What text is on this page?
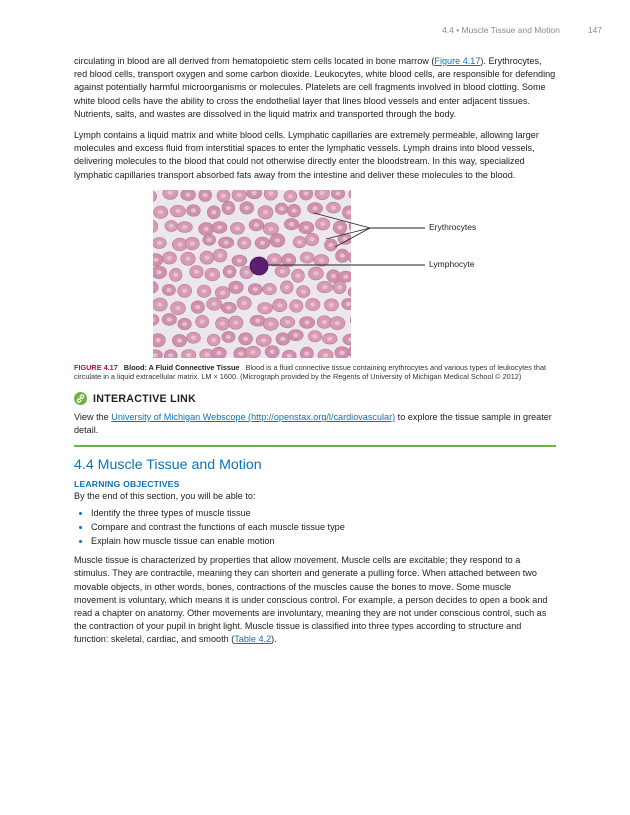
4.4 • Muscle Tissue and Motion	147

circulating in blood are all derived from hematopoietic stem cells located in bone marrow (Figure 4.17). Erythrocytes, red blood cells, transport oxygen and some carbon dioxide. Leukocytes, white blood cells, are responsible for defending against potentially harmful microorganisms or molecules. Platelets are cell fragments involved in blood clotting. Some white blood cells have the ability to cross the endothelial layer that lines blood vessels and enter adjacent tissues. Nutrients, salts, and wastes are dissolved in the liquid matrix and transported through the body.

Lymph contains a liquid matrix and white blood cells. Lymphatic capillaries are extremely permeable, allowing larger molecules and excess fluid from interstitial spaces to enter the lymphatic vessels. Lymph drains into blood vessels, delivering molecules to the blood that could not otherwise directly enter the bloodstream. In this way, specialized lymphatic capillaries transport absorbed fats away from the intestine and deliver these molecules to the blood.

Erythrocytes
Lymphocyte
FIGURE 4.17 Blood: A Fluid Connective Tissue Blood is a fluid connective tissue containing erythrocytes and various types of leukocytes that circulate in a liquid extracellular matrix. LM × 1600. (Micrograph provided by the Regents of University of Michigan Medical School © 2012)
INTERACTIVE LINK

View the University of Michigan Webscope (http://openstax.org/l/cardiovascular) to explore the tissue sample in greater detail.

4.4 Muscle Tissue and Motion
LEARNING OBJECTIVES

By the end of this section, you will be able to:

Identify the three types of muscle tissue
Compare and contrast the functions of each muscle tissue type
Explain how muscle tissue can enable motion

Muscle tissue is characterized by properties that allow movement. Muscle cells are excitable; they respond to a stimulus. They are contractile, meaning they can shorten and generate a pulling force. When attached between two movable objects, in other words, bones, contractions of the muscles cause the bones to move. Some muscle movement is voluntary, which means it is under conscious control. For example, a person decides to open a book and read a chapter on anatomy. Other movements are involuntary, meaning they are not under conscious control, such as the contraction of your pupil in bright light. Muscle tissue is classified into three types according to structure and function: skeletal, cardiac, and smooth (Table 4.2).
